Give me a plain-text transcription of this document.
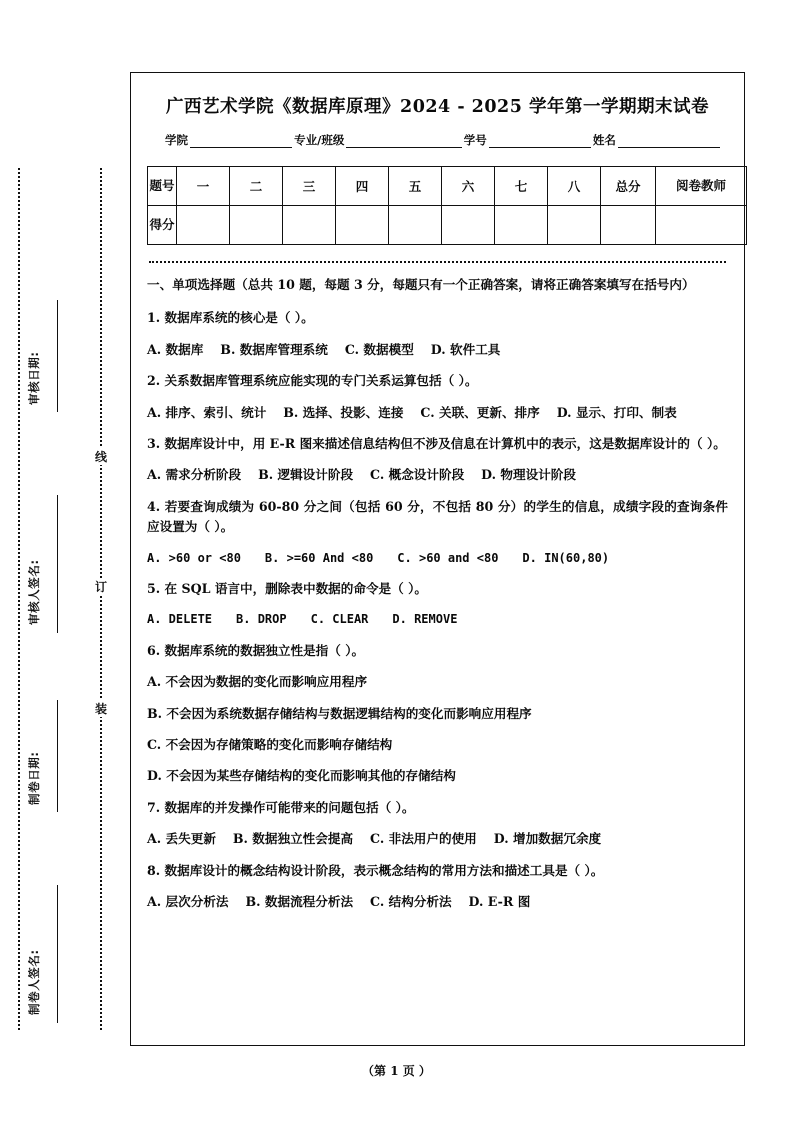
审核日期:
审核人签名:
制卷日期:
制卷人签名:
线
订
装
广西艺术学院《数据库原理》2024 - 2025 学年第一学期期末试卷
学院	专业/班级	学号	姓名
题号	一	二	三	四	五	六	七	八	总分	阅卷教师
得分										
一、单项选择题（总共 10 题，每题 3 分，每题只有一个正确答案，请将正确答案填写在括号内）
1. 数据库系统的核心是（ ）。
A. 数据库　 B. 数据库管理系统　 C. 数据模型　 D. 软件工具
2. 关系数据库管理系统应能实现的专门关系运算包括（ ）。
A. 排序、索引、统计　 B. 选择、投影、连接　 C. 关联、更新、排序　 D. 显示、打印、制表
3. 数据库设计中，用 E-R 图来描述信息结构但不涉及信息在计算机中的表示，这是数据库设计的（ ）。
A. 需求分析阶段　 B. 逻辑设计阶段　 C. 概念设计阶段　 D. 物理设计阶段
4. 若要查询成绩为 60-80 分之间（包括 60 分，不包括 80 分）的学生的信息，成绩字段的查询条件应设置为（ ）。
A. >60 or <80　　B. >=60 And <80　　C. >60 and <80　　D. IN(60,80)
5. 在 SQL 语言中，删除表中数据的命令是（ ）。
A. DELETE　　B. DROP　　C. CLEAR　　D. REMOVE
6. 数据库系统的数据独立性是指（ ）。
A. 不会因为数据的变化而影响应用程序
B. 不会因为系统数据存储结构与数据逻辑结构的变化而影响应用程序
C. 不会因为存储策略的变化而影响存储结构
D. 不会因为某些存储结构的变化而影响其他的存储结构
7. 数据库的并发操作可能带来的问题包括（ ）。
A. 丢失更新　 B. 数据独立性会提高　 C. 非法用户的使用　 D. 增加数据冗余度
8. 数据库设计的概念结构设计阶段，表示概念结构的常用方法和描述工具是（ ）。
A. 层次分析法　 B. 数据流程分析法　 C. 结构分析法　 D. E-R 图
（第 1 页 ）
